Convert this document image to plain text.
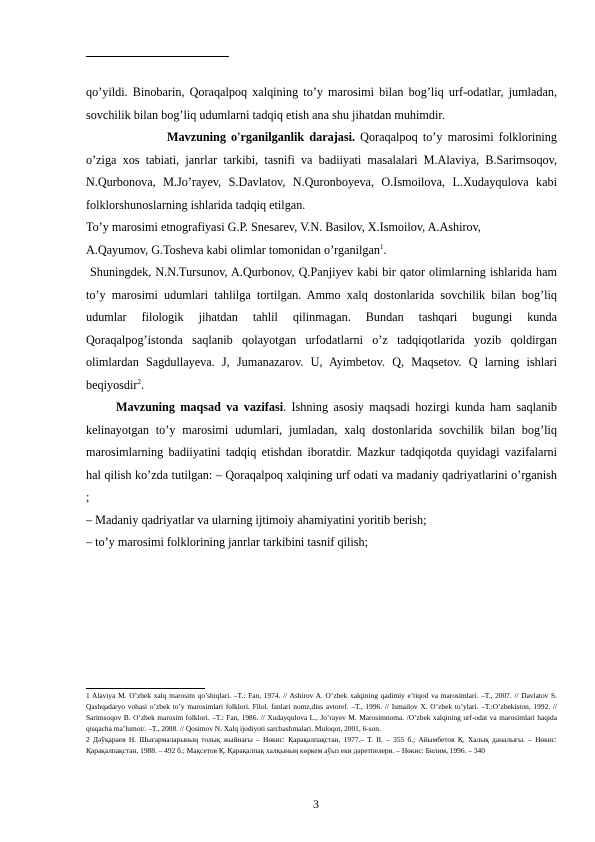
qo’yildi. Binobarin, Qoraqalpoq xalqining to’y marosimi bilan bog’liq urf-odatlar, jumladan, sovchilik bilan bog’liq udumlarni tadqiq etish ana shu jihatdan muhimdir.

Mavzuning o'rganilganlik darajasi. Qoraqalpoq to’y marosimi folklorining o’ziga xos tabiati, janrlar tarkibi, tasnifi va badiiyati masalalari M.Alaviya, B.Sarimsoqov, N.Qurbonova, M.Jo’rayev, S.Davlatov, N.Quronboyeva, O.Ismoilova, L.Xudayqulova kabi folklorshunoslarning ishlarida tadqiq etilgan.

To’y marosimi etnografiyasi G.P. Snesarev, V.N. Basilov, X.Ismoilov, A.Ashirov,

A.Qayumov, G.Tosheva kabi olimlar tomonidan o’rganilgan$^1$.

Shuningdek, N.N.Tursunov, A.Qurbonov, Q.Panjiyev kabi bir qator olimlarning ishlarida ham to’y marosimi udumlari tahlilga tortilgan. Ammo xalq dostonlarida sovchilik bilan bog’liq udumlar filologik jihatdan tahlil qilinmagan. Bundan tashqari bugungi kunda Qoraqalpog’istonda saqlanib qolayotgan urfodatlarni o’z tadqiqotlarida yozib qoldirgan olimlardan Sagdullayeva. J, Jumanazarov. U, Ayimbetov. Q, Maqsetov. Q larning ishlari beqiyosdir$^2$.

Mavzuning maqsad va vazifasi. Ishning asosiy maqsadi hozirgi kunda ham saqlanib kelinayotgan to’y marosimi udumlari, jumladan, xalq dostonlarida sovchilik bilan bog’liq marosimlarning badiiyatini tadqiq etishdan iboratdir. Mazkur tadqiqotda quyidagi vazifalarni hal qilish ko’zda tutilgan: – Qoraqalpoq xalqining urf odati va madaniy qadriyatlarini o’rganish ;

– Madaniy qadriyatlar va ularning ijtimoiy ahamiyatini yoritib berish;

– to’y marosimi folklorining janrlar tarkibini tasnif qilish;

1 Alaviya M. O’zbek xalq marosim qo’shiqlari. –T.: Fan, 1974. // Ashirov A. O’zbek xalqining qadimiy e’tiqod va marosimlari. –T., 2007. // Davlatov S. Qashqadaryo vohasi o’zbek to’y marosimlari folklori. Filol. fanlari nomz.diss avtoref. –T., 1996. // Ismailov X. O’zbek to’ylari. –T.:O’zbekiston, 1992. // Sarimsoqov B. O’zbek marosim folklori. –T.: Fan, 1986. // Xudayqulova L., Jo’rayev M. Marosimnoma. /O’zbek xalqining urf-odat va marosimlari haqida qisqacha ma’lumot/. –T., 2008. // Qosimov N. Xalq ijodiyoti sarchashmalari. Muloqot, 2001, 6-son.

2 Дәўқараев Н. Шығармаларының толық жыйнағы – Нөкис: Қарақалпақстан, 1977.– Т. II. – 355 б.; Айымбетов Қ. Халық даналығы. – Нөкис: Қарақалпақстан, 1988. – 492 б.; Мақсетов Қ. Қарақалпақ халқының көркем аўыз еки дәретпелери. – Нөкис: Билим, 1996. – 340

3
